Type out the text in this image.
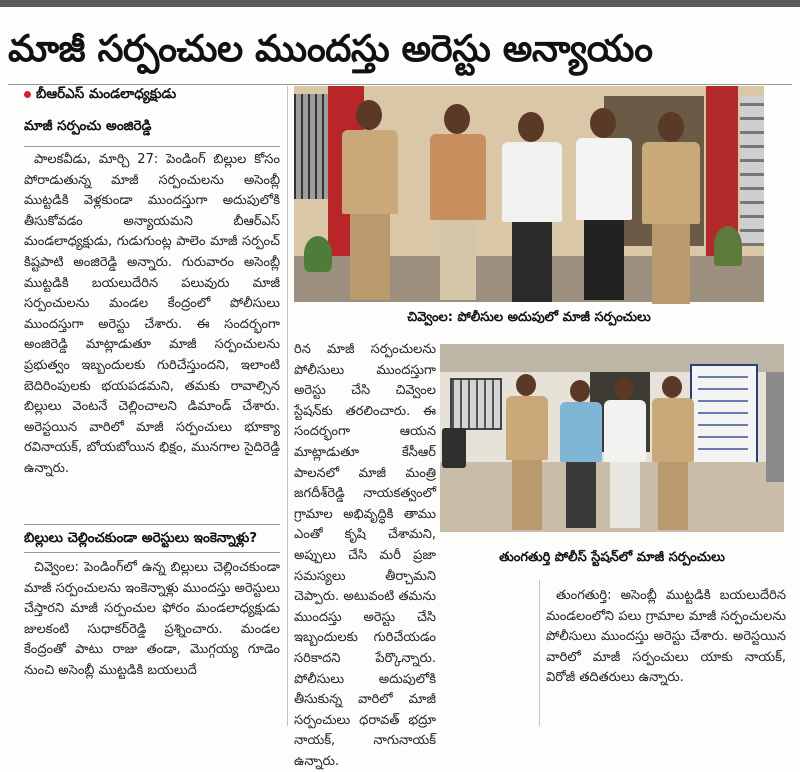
మాజీ సర్పంచుల ముందస్తు అరెస్టు అన్యాయం
బీఆర్ఎస్ మండలాధ్యక్షుడు
మాజీ సర్పంచు అంజిరెడ్డి

పాలకవీడు, మార్చి 27: పెండింగ్ బిల్లుల కోసం పోరాడుతున్న మాజీ సర్పంచులను అసెంబ్లీ ముట్టడికి వెళ్లకుండా ముందస్తుగా అదుపులోకి తీసుకోవడం అన్యాయమని బీఆర్ఎస్ మండలాధ్యక్షుడు, గుడుగుంట్ల పాలెం మాజీ సర్పంచ్ కిష్టపాటి అంజిరెడ్డి అన్నారు. గురువారం అసెంబ్లీ ముట్టడికి బయలుదేరిన పలువురు మాజీ సర్పంచులను మండల కేంద్రంలో పోలీసులు ముందస్తుగా అరెస్టు చేశారు. ఈ సందర్భంగా అంజిరెడ్డి మాట్లాడుతూ మాజీ సర్పంచులను ప్రభుత్వం ఇబ్బందులకు గురిచేస్తుందని, ఇలాంటి బెదిరింపులకు భయపడమని, తమకు రావాల్సిన బిల్లులు వెంటనే చెల్లించాలని డిమాండ్ చేశారు. అరెస్టయిన వారిలో మాజీ సర్పంచులు భూక్యా రవినాయక్, బోయబోయిన భిక్షం, మునగాల సైదిరెడ్డి ఉన్నారు.

బిల్లులు చెల్లించకుండా అరెస్టులు ఇంకెన్నాళ్లు?

చివ్వెంల: పెండింగ్‌లో ఉన్న బిల్లులు చెల్లించకుండా మాజీ సర్పంచులను ఇంకెన్నాళ్లు ముందస్తు అరెస్టులు చేస్తారని మాజీ సర్పంచుల ఫోరం మండలాధ్యక్షుడు జులకంటి సుధాకర్‌రెడ్డి ప్రశ్నించారు. మండల కేంద్రంతో పాటు రాజు తండా, మొగ్గయ్య గూడెం నుంచి అసెంబ్లీ ముట్టడికి బయలుదే

చివ్వెంల: పోలీసుల అదుపులో మాజీ సర్పంచులు

రిన మాజీ సర్పంచులను పోలీసులు ముందస్తుగా అరెస్టు చేసి చివ్వెంల స్టేషన్‌కు తరలించారు. ఈ సందర్భంగా ఆయన మాట్లాడుతూ కేసీఆర్ పాలనలో మాజీ మంత్రి జగదీశ్‌రెడ్డి నాయకత్వంలో గ్రామాల అభివృద్ధికి తాము ఎంతో కృషి చేశామని, అప్పులు చేసి మరీ ప్రజా సమస్యలు తీర్చామని చెప్పారు. అటువంటి తమను ముందస్తు అరెస్టు చేసి ఇబ్బందులకు గురిచేయడం సరికాదని పేర్కొన్నారు. పోలీసులు అదుపులోకి తీసుకున్న వారిలో మాజీ సర్పంచులు ధరావత్ భద్రూ నాయక్, నాగునాయక్ ఉన్నారు.

తుంగతుర్తి పోలీస్ స్టేషన్‌లో మాజీ సర్పంచులు

తుంగతుర్తి: అసెంబ్లీ ముట్టడికి బయలుదేరిన మండలంలోని పలు గ్రామాల మాజీ సర్పంచులను పోలీసులు ముందస్తు అరెస్టు చేశారు. అరెస్టయిన వారిలో మాజీ సర్పంచులు యాకు నాయక్, విరోజీ తదితరులు ఉన్నారు.
